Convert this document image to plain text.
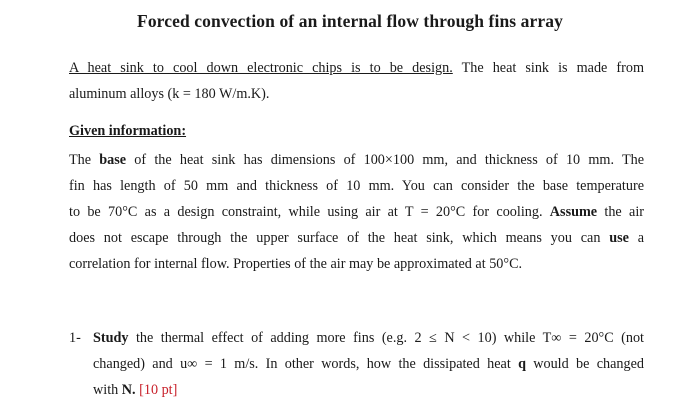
Forced convection of an internal flow through fins array
A heat sink to cool down electronic chips is to be design. The heat sink is made from
aluminum alloys (k = 180 W/m.K).
Given information:
The base of the heat sink has dimensions of 100×100 mm, and thickness of 10 mm. The
fin has length of 50 mm and thickness of 10 mm. You can consider the base temperature
to be 70°C as a design constraint, while using air at T = 20°C for cooling. Assume the air
does not escape through the upper surface of the heat sink, which means you can use a
correlation for internal flow. Properties of the air may be approximated at 50°C.
1- Study the thermal effect of adding more fins (e.g. 2 ≤ N < 10) while T∞ = 20°C (not
changed) and u∞ = 1 m/s. In other words, how the dissipated heat q would be changed
with N. [10 pt]
